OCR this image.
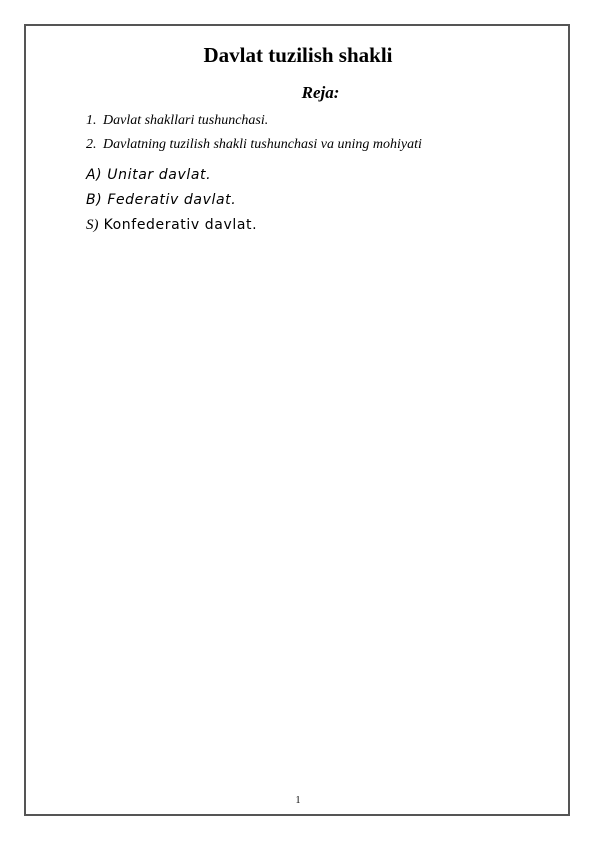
Davlat tuzilish shakli
Reja:
1. Davlat shakllari tushunchasi.
2. Davlatning tuzilish shakli tushunchasi va uning mohiyati
A) Unitar davlat.
B) Federativ davlat.
S) Konfederativ davlat.
1
